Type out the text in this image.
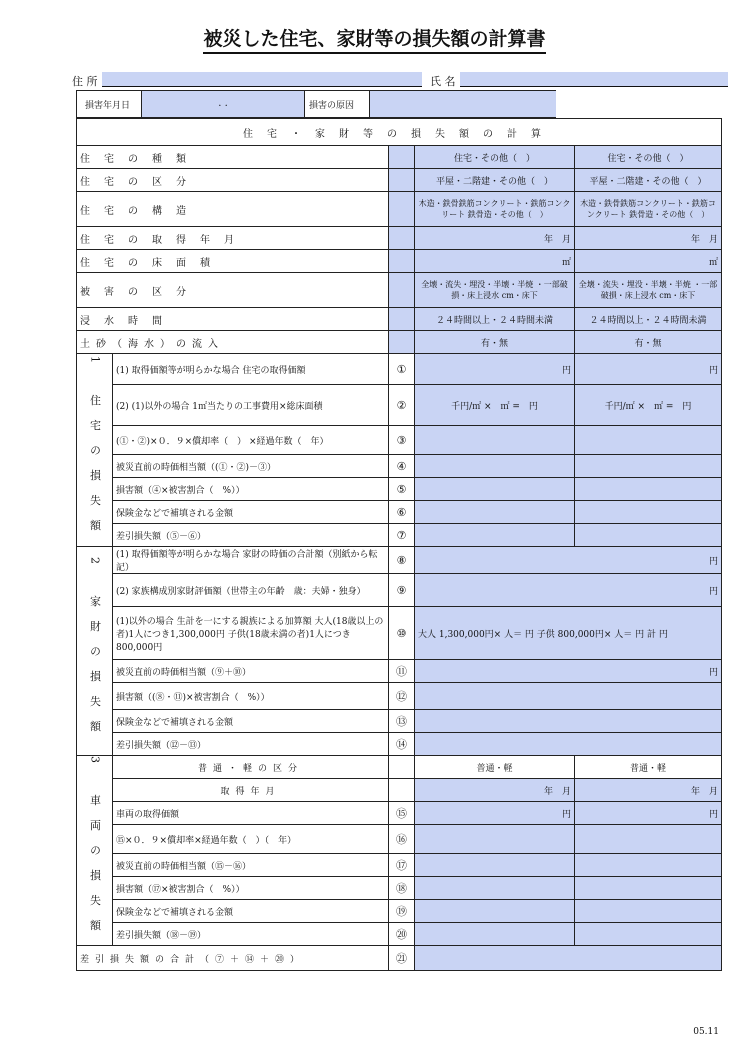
被災した住宅、家財等の損失額の計算書
住 所	氏 名
損害年月日	. .	損害の原因
住宅・家財等の損失額の計算				
住宅の種類			住宅・その他（　）	住宅・その他（　）
住宅の区分			平屋・二階建・その他（　）	平屋・二階建・その他（　）
住宅の構造			木造・鉄骨鉄筋コンクリート・鉄筋コンクリート 鉄骨造・その他（　）	木造・鉄骨鉄筋コンクリート・鉄筋コンクリート 鉄骨造・その他（　）
住宅の取得年月			年　月	年　月
住宅の床面積			㎡	㎡
被害の区分			全壊・流失・埋没・半壊・半焼 ・一部破損・床上浸水 cm・床下	全壊・流失・埋没・半壊・半焼 ・一部破損・床上浸水 cm・床下
浸水時間			２４時間以上・２４時間未満	２４時間以上・２４時間未満
土砂（海水）の流入			有・無	有・無
1 住宅の損失額	(1) 取得価額等が明らかな場合 住宅の取得価額	①	円	円
	(2) (1)以外の場合 1㎡当たりの工事費用×総床面積	②	千円/㎡ ×　㎡ =　円	千円/㎡ ×　㎡ =　円
	(①・②)×０．９×償却率（　） ×経過年数（　年）	③		
	被災直前の時価相当額（(①・②)－③）	④		
	損害額（④×被害割合（　%））	⑤		
	保険金などで補填される金額	⑥		
	差引損失額（⑤－⑥）	⑦		
2 家財の損失額	(1) 取得価額等が明らかな場合 家財の時価の合計額（別紙から転記）	⑧	円	
	(2) 家族構成別家財評価額（世帯主の年齢　歳：夫婦・独身）	⑨	円	
	(1)以外の場合 生計を一にする親族による加算額 大人(18歳以上の者)1人につき1,300,000円 子供(18歳未満の者)1人につき800,000円	⑩	大人 1,300,000円× 人＝ 円 子供 800,000円× 人＝ 円 計 円	
	被災直前の時価相当額（⑨＋⑩）	⑪	円	
	損害額（(⑧・⑪)×被害割合（　%））	⑫		
	保険金などで補填される金額	⑬		
	差引損失額（⑫－⑬）	⑭		
3 車両の損失額	普通・軽の区分		普通・軽	普通・軽
	取得年月		年　月	年　月
	車両の取得価額	⑮	円	円
	⑮×０．９×償却率×経過年数（　）（　年）	⑯		
	被災直前の時価相当額（⑮－⑯）	⑰		
	損害額（⑰×被害割合（　%））	⑱		
	保険金などで補填される金額	⑲		
	差引損失額（⑱－⑲）	⑳		
差引損失額の合計（⑦＋⑭＋⑳）		㉑		
05.11
